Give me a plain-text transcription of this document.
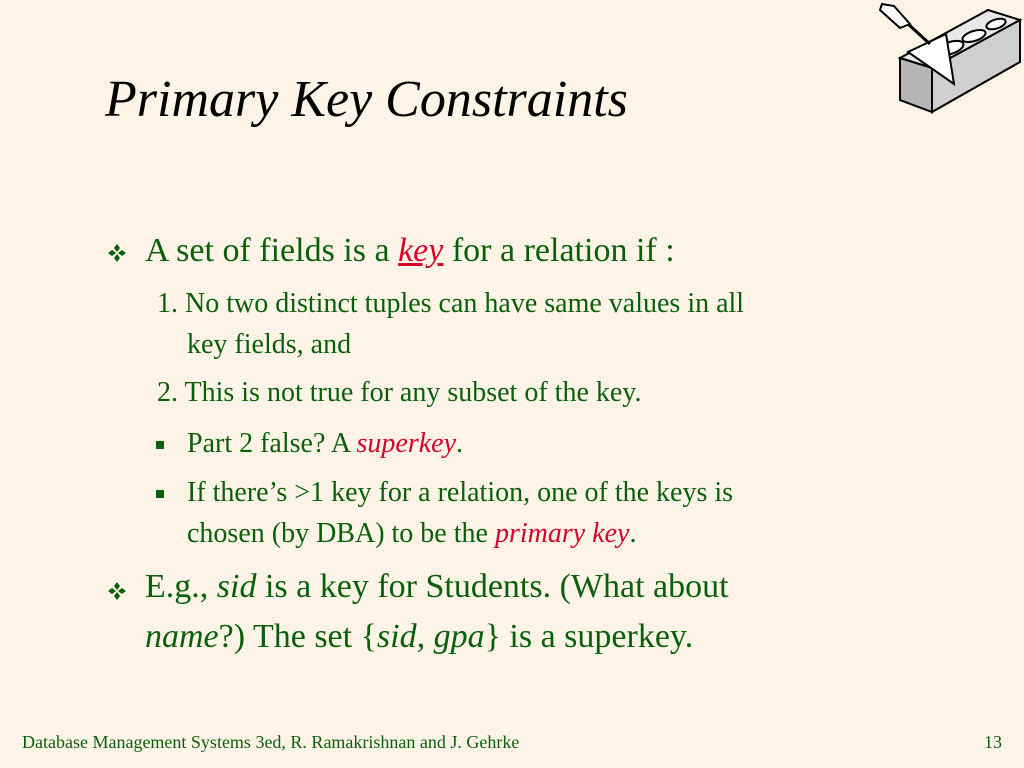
Primary Key Constraints
A set of fields is a key for a relation if :
1. No two distinct tuples can have same values in all
key fields, and
2. This is not true for any subset of the key.
Part 2 false? A superkey.
If there’s >1 key for a relation, one of the keys is
chosen (by DBA) to be the primary key.
E.g., sid is a key for Students. (What about
name?) The set {sid, gpa} is a superkey.
Database Management Systems 3ed, R. Ramakrishnan and J. Gehrke	13
